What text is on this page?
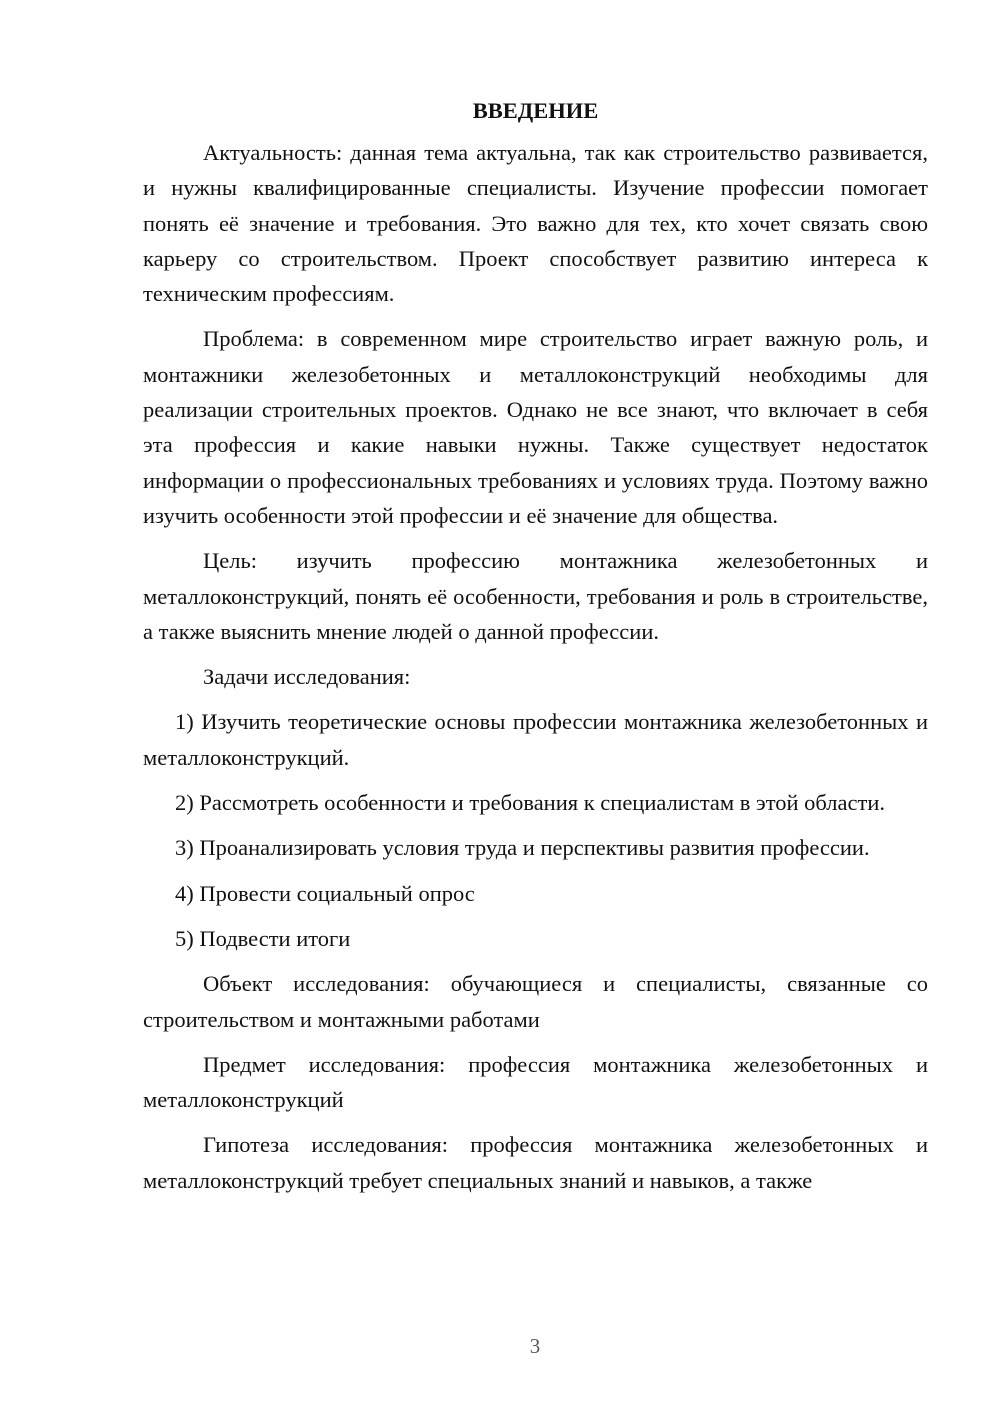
ВВЕДЕНИЕ

Актуальность: данная тема актуальна, так как строительство развивается, и нужны квалифицированные специалисты. Изучение профессии помогает понять её значение и требования. Это важно для тех, кто хочет связать свою карьеру со строительством. Проект способствует развитию интереса к техническим профессиям.

Проблема: в современном мире строительство играет важную роль, и монтажники железобетонных и металлоконструкций необходимы для реализации строительных проектов. Однако не все знают, что включает в себя эта профессия и какие навыки нужны. Также существует недостаток информации о профессиональных требованиях и условиях труда. Поэтому важно изучить особенности этой профессии и её значение для общества.

Цель: изучить профессию монтажника железобетонных и металлоконструкций, понять её особенности, требования и роль в строительстве, а также выяснить мнение людей о данной профессии.

Задачи исследования:

1) Изучить теоретические основы профессии монтажника железобетонных и металлоконструкций.

2) Рассмотреть особенности и требования к специалистам в этой области.

3) Проанализировать условия труда и перспективы развития профессии.

4) Провести социальный опрос

5) Подвести итоги

Объект исследования: обучающиеся и специалисты, связанные со строительством и монтажными работами

Предмет исследования: профессия монтажника железобетонных и металлоконструкций

Гипотеза исследования: профессия монтажника железобетонных и металлоконструкций требует специальных знаний и навыков, а также

3
